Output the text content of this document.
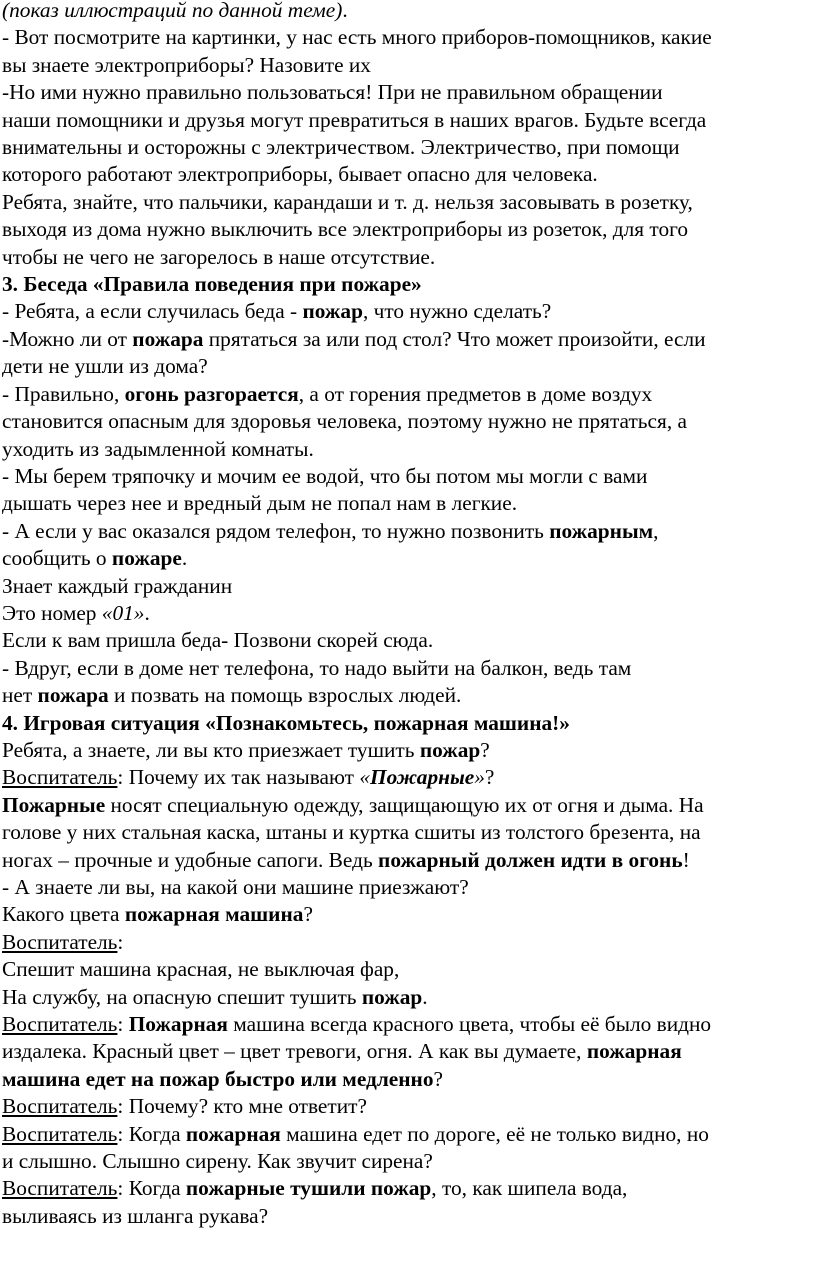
(показ иллюстраций по данной теме).
- Вот посмотрите на картинки, у нас есть много приборов-помощников, какие
вы знаете электроприборы? Назовите их
-Но ими нужно правильно пользоваться! При не правильном обращении
наши помощники и друзья могут превратиться в наших врагов. Будьте всегда
внимательны и осторожны с электричеством. Электричество, при помощи
которого работают электроприборы, бывает опасно для человека.
Ребята, знайте, что пальчики, карандаши и т. д. нельзя засовывать в розетку,
выходя из дома нужно выключить все электроприборы из розеток, для того
чтобы не чего не загорелось в наше отсутствие.
3. Беседа «Правила поведения при пожаре»
- Ребята, а если случилась беда - пожар, что нужно сделать?
-Можно ли от пожара прятаться за или под стол? Что может произойти, если
дети не ушли из дома?
- Правильно, огонь разгорается, а от горения предметов в доме воздух
становится опасным для здоровья человека, поэтому нужно не прятаться, а
уходить из задымленной комнаты.
- Мы берем тряпочку и мочим ее водой, что бы потом мы могли с вами
дышать через нее и вредный дым не попал нам в легкие.
- А если у вас оказался рядом телефон, то нужно позвонить пожарным,
сообщить о пожаре.
Знает каждый гражданин
Это номер «01».
Если к вам пришла беда- Позвони скорей сюда.
- Вдруг, если в доме нет телефона, то надо выйти на балкон, ведь там
нет пожара и позвать на помощь взрослых людей.
4. Игровая ситуация «Познакомьтесь, пожарная машина!»
Ребята, а знаете, ли вы кто приезжает тушить пожар?
Воспитатель: Почему их так называют «Пожарные»?
Пожарные носят специальную одежду, защищающую их от огня и дыма. На
голове у них стальная каска, штаны и куртка сшиты из толстого брезента, на
ногах – прочные и удобные сапоги. Ведь пожарный должен идти в огонь!
- А знаете ли вы, на какой они машине приезжают?
Какого цвета пожарная машина?
Воспитатель:
Спешит машина красная, не выключая фар,
На службу, на опасную спешит тушить пожар.
Воспитатель: Пожарная машина всегда красного цвета, чтобы её было видно
издалека. Красный цвет – цвет тревоги, огня. А как вы думаете, пожарная
машина едет на пожар быстро или медленно?
Воспитатель: Почему? кто мне ответит?
Воспитатель: Когда пожарная машина едет по дороге, её не только видно, но
и слышно. Слышно сирену. Как звучит сирена?
Воспитатель: Когда пожарные тушили пожар, то, как шипела вода,
выливаясь из шланга рукава?
